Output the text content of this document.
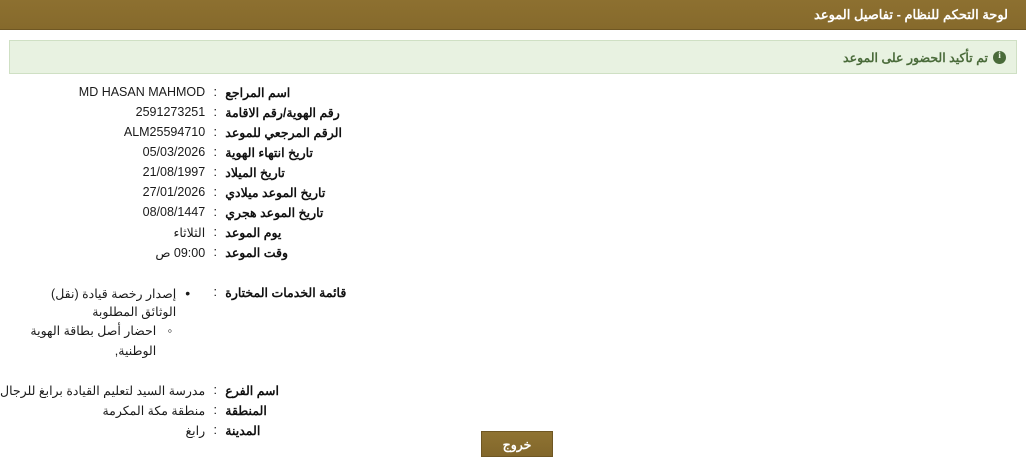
لوحة التحكم للنظام - تفاصيل الموعد
i
تم تأكيد الحضور على الموعد
اسم المراجع	:	MD HASAN MAHMOD
رقم الهوية/رقم الاقامة	:	2591273251
الرقم المرجعي للموعد	:	ALM25594710
تاريخ انتهاء الهوية	:	05/03/2026
تاريخ الميلاد	:	21/08/1997
تاريخ الموعد ميلادي	:	27/01/2026
تاريخ الموعد هجري	:	08/08/1447
يوم الموعد	:	الثلاثاء
وقت الموعد	:	09:00 ص

قائمة الخدمات المختارة	:	
• إصدار رخصة قيادة (نقل)  الوثائق المطلوبة
◦ احضار أصل بطاقة الهوية الوطنية,

اسم الفرع	:	مدرسة السيد لتعليم القيادة برابغ للرجال
المنطقة	:	منطقة مكة المكرمة
المدينة	:	رابغ
خروج
